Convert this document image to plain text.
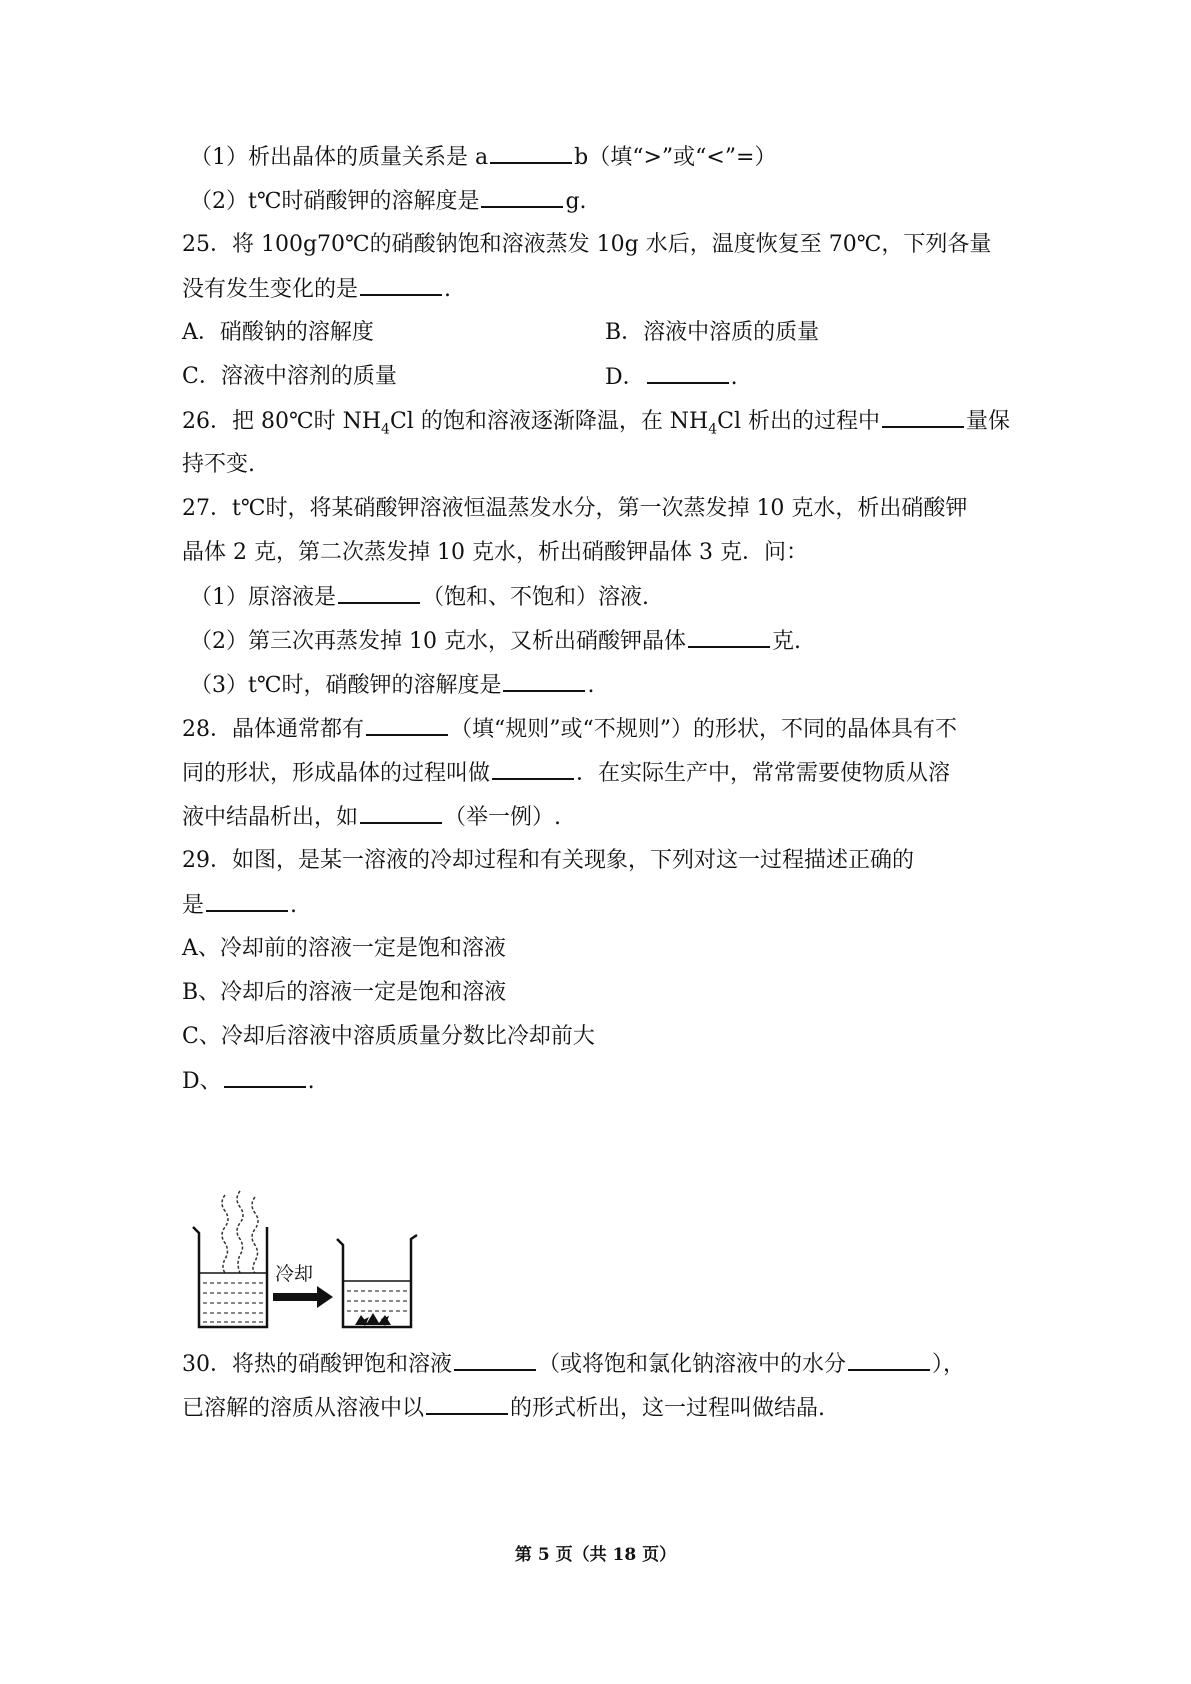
（1）析出晶体的质量关系是 a	b（填“>”或“<”=）
（2）t℃时硝酸钾的溶解度是	g.
25．将 100g70℃的硝酸钠饱和溶液蒸发 10g 水后，温度恢复至 70℃，下列各量
没有发生变化的是	.
A．硝酸钠的溶解度	B．溶液中溶质的质量
C．溶液中溶剂的质量	D．	.
26．把 80℃时 $NH_4Cl$ 的饱和溶液逐渐降温，在 $NH_4Cl$ 析出的过程中	量保
持不变.
27．t℃时，将某硝酸钾溶液恒温蒸发水分，第一次蒸发掉 10 克水，析出硝酸钾
晶体 2 克，第二次蒸发掉 10 克水，析出硝酸钾晶体 3 克．问：
（1）原溶液是	（饱和、不饱和）溶液.
（2）第三次再蒸发掉 10 克水，又析出硝酸钾晶体	克.
（3）t℃时，硝酸钾的溶解度是	.
28．晶体通常都有	（填“规则”或“不规则”）的形状，不同的晶体具有不
同的形状，形成晶体的过程叫做	．在实际生产中，常常需要使物质从溶
液中结晶析出，如	（举一例）.
29．如图，是某一溶液的冷却过程和有关现象，下列对这一过程描述正确的
是	.
A、冷却前的溶液一定是饱和溶液
B、冷却后的溶液一定是饱和溶液
C、冷却后溶液中溶质质量分数比冷却前大
D、	.
冷却
30．将热的硝酸钾饱和溶液	（或将饱和氯化钠溶液中的水分	），
已溶解的溶质从溶液中以	的形式析出，这一过程叫做结晶.
第 5 页（共 18 页）
